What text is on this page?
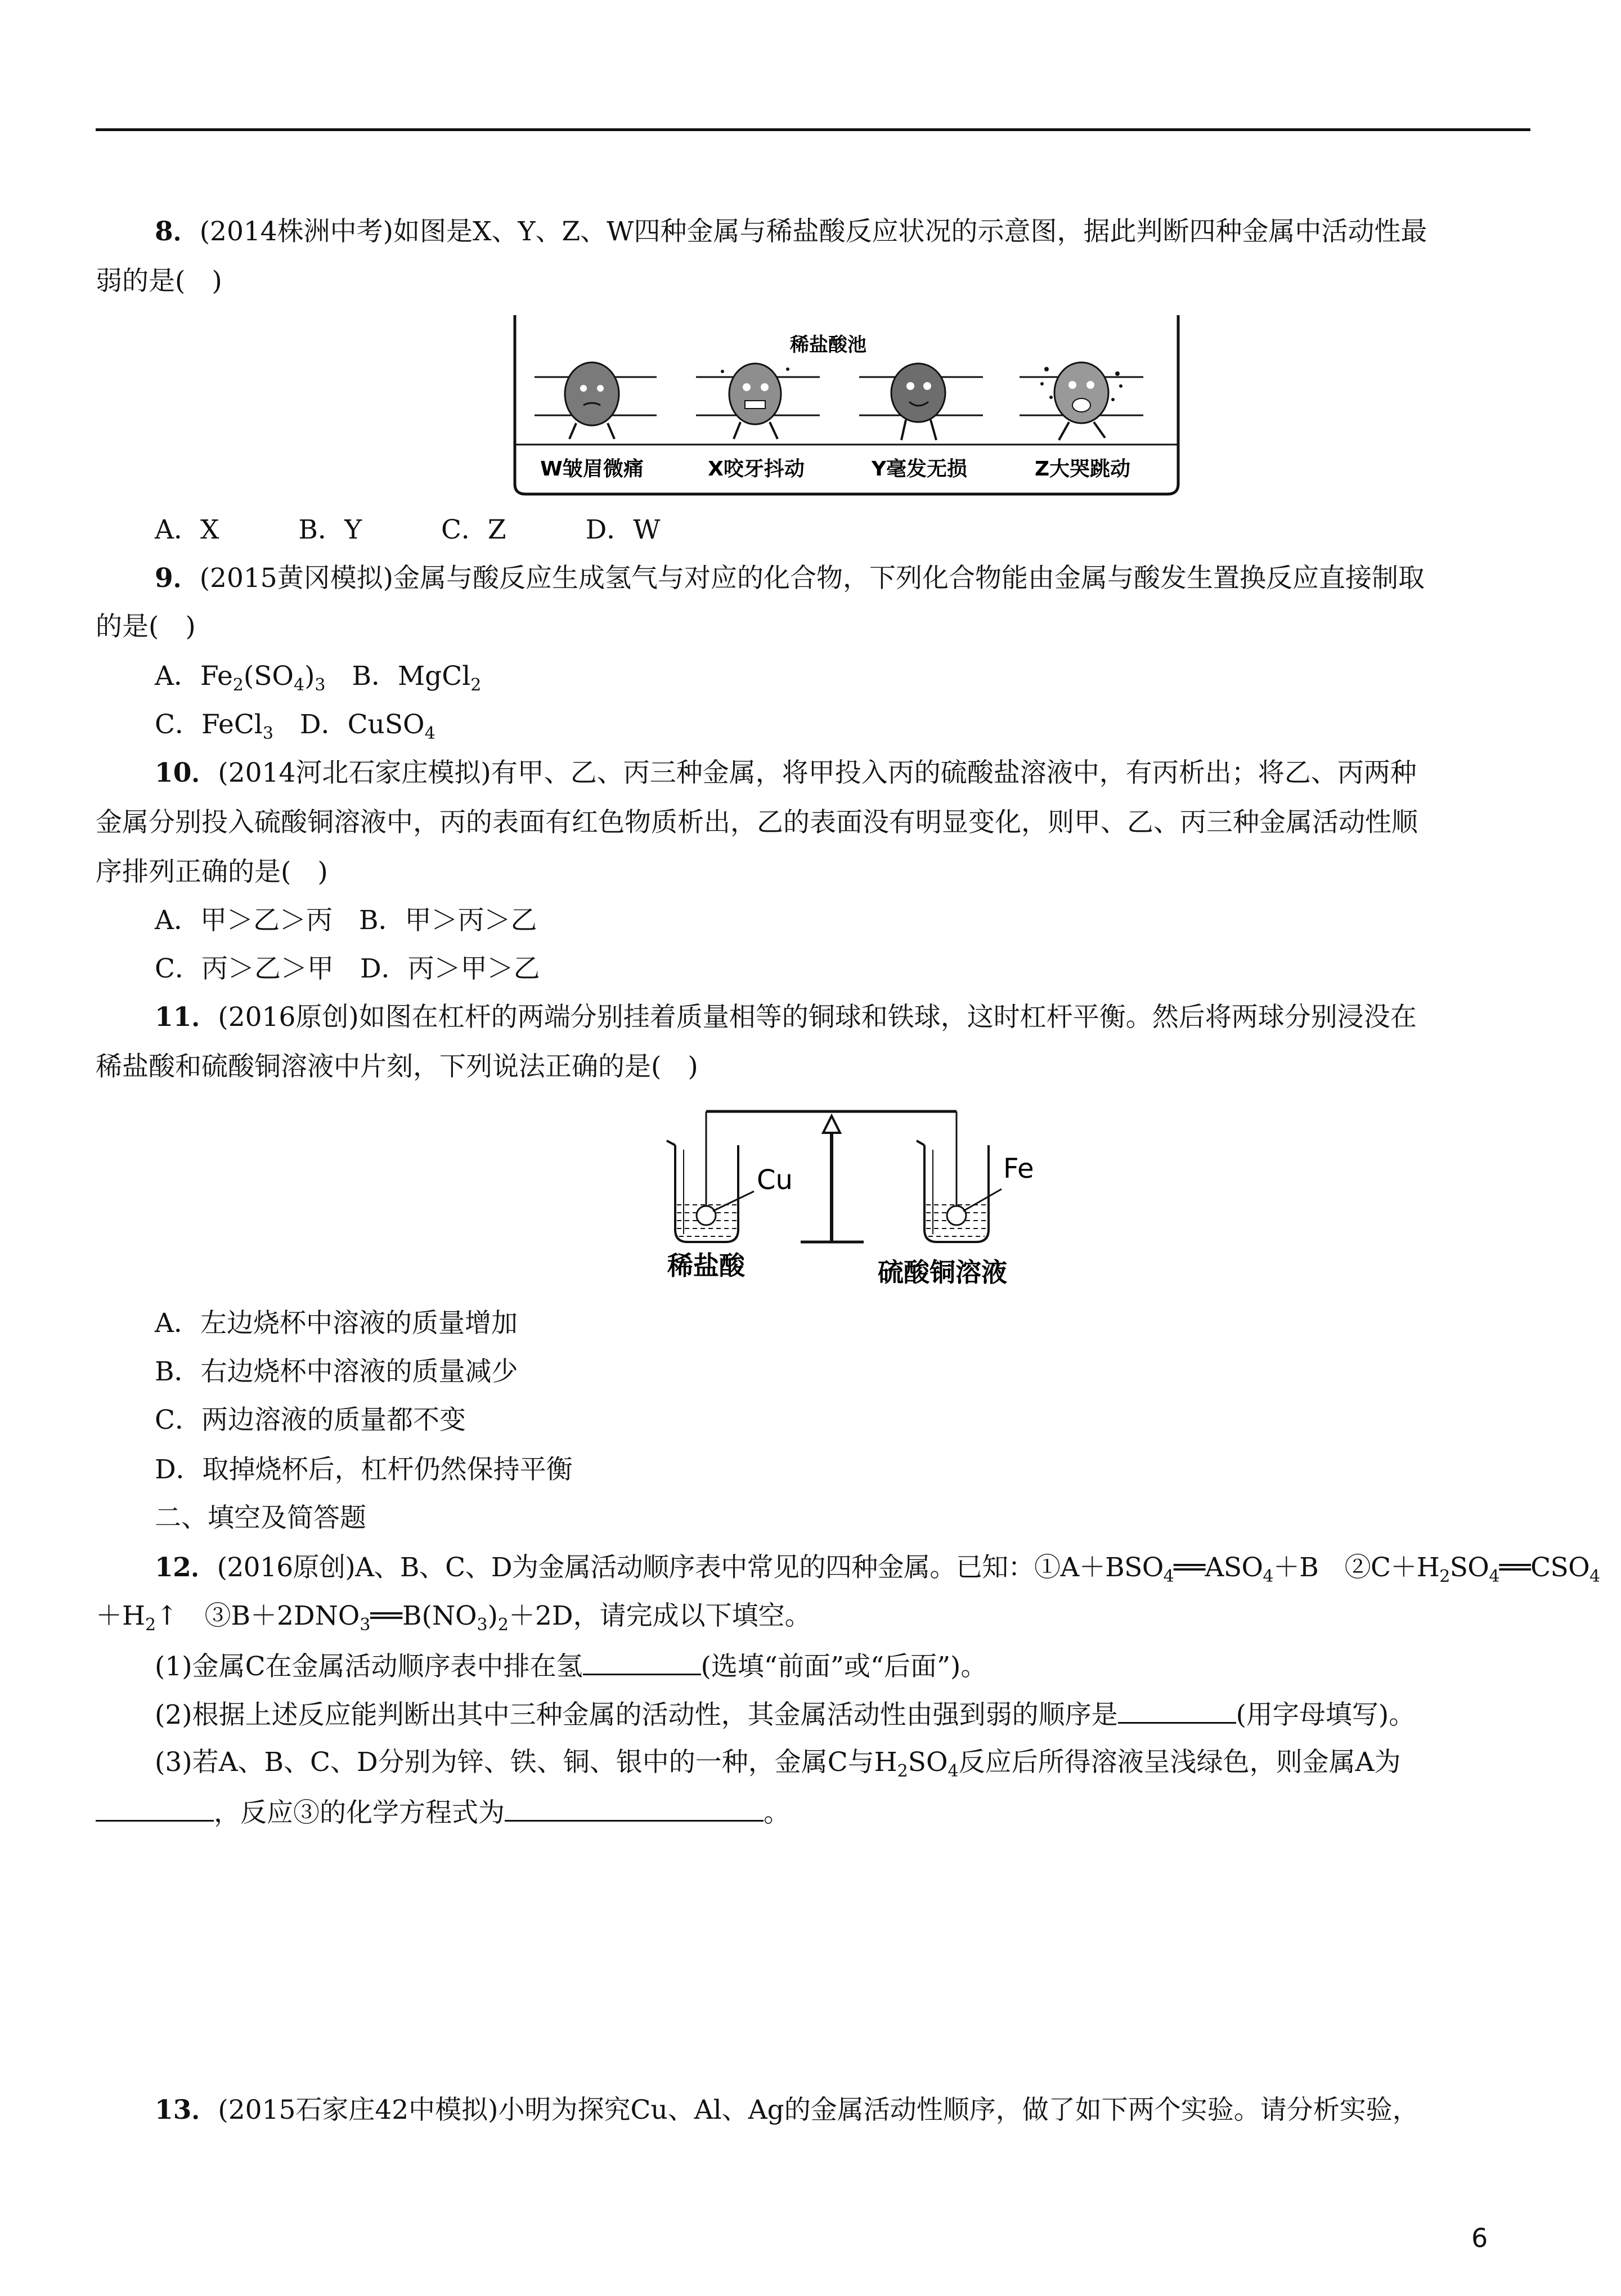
8．(2014株洲中考)如图是X、Y、Z、W四种金属与稀盐酸反应状况的示意图，据此判断四种金属中活动性最
弱的是(　)
稀盐酸池
W皱眉微痛	X咬牙抖动	Y毫发无损	Z大哭跳动
A．X　　　B．Y　　　C．Z　　　D．W
9．(2015黄冈模拟)金属与酸反应生成氢气与对应的化合物，下列化合物能由金属与酸发生置换反应直接制取
的是(　)
A．$Fe_2(SO_4)_3$　B．MgCl$_2$
C．FeCl$_3$　D．CuSO$_4$
10．(2014河北石家庄模拟)有甲、乙、丙三种金属，将甲投入丙的硫酸盐溶液中，有丙析出；将乙、丙两种
金属分别投入硫酸铜溶液中，丙的表面有红色物质析出，乙的表面没有明显变化，则甲、乙、丙三种金属活动性顺
序排列正确的是(　)
A．甲＞乙＞丙　B．甲＞丙＞乙
C．丙＞乙＞甲　D．丙＞甲＞乙
11．(2016原创)如图在杠杆的两端分别挂着质量相等的铜球和铁球，这时杠杆平衡。然后将两球分别浸没在
稀盐酸和硫酸铜溶液中片刻，下列说法正确的是(　)
Cu	Fe
稀盐酸	硫酸铜溶液
A．左边烧杯中溶液的质量增加
B．右边烧杯中溶液的质量减少
C．两边溶液的质量都不变
D．取掉烧杯后，杠杆仍然保持平衡
二、填空及简答题
12．(2016原创)A、B、C、D为金属活动顺序表中常见的四种金属。已知：$①A+BSO_4══ASO_4+B$　$②C+H_2SO_4══CSO_4$
$+H_2↑$　$③B+2DNO_3══B(NO_3)_2+2D$，请完成以下填空。
(1)金属C在金属活动顺序表中排在氢	(选填“前面”或“后面”)。
(2)根据上述反应能判断出其中三种金属的活动性，其金属活动性由强到弱的顺序是	(用字母填写)。
(3)若A、B、C、D分别为锌、铁、铜、银中的一种，金属C与$H_2SO_4$反应后所得溶液呈浅绿色，则金属A为
，反应③的化学方程式为	。
13．(2015石家庄42中模拟)小明为探究Cu、Al、Ag的金属活动性顺序，做了如下两个实验。请分析实验，
6
